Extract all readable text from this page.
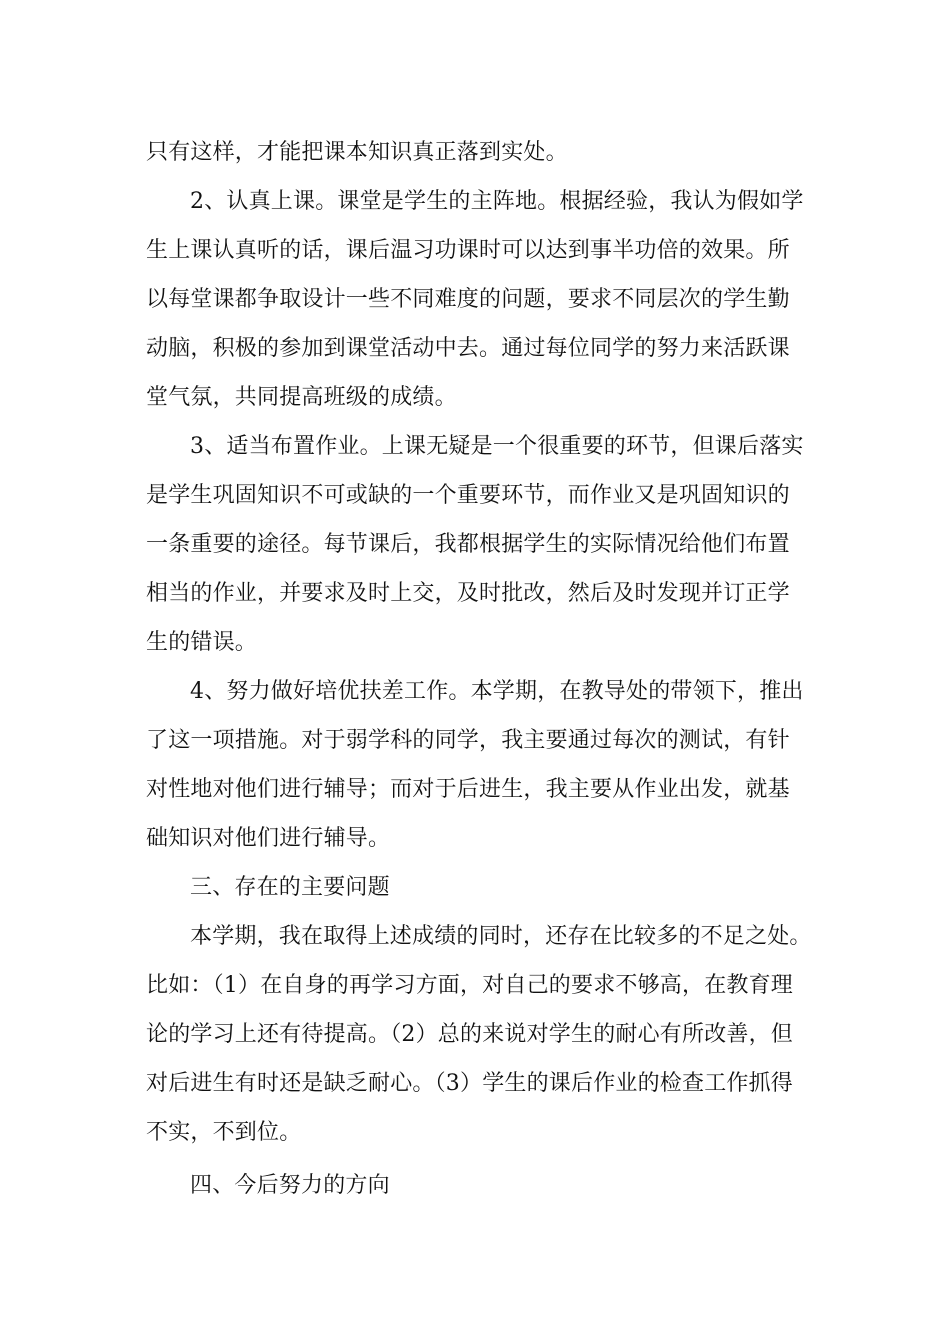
只有这样，才能把课本知识真正落到实处。
2、认真上课。课堂是学生的主阵地。根据经验，我认为假如学
生上课认真听的话，课后温习功课时可以达到事半功倍的效果。所
以每堂课都争取设计一些不同难度的问题，要求不同层次的学生勤
动脑，积极的参加到课堂活动中去。通过每位同学的努力来活跃课
堂气氛，共同提高班级的成绩。
3、适当布置作业。上课无疑是一个很重要的环节，但课后落实
是学生巩固知识不可或缺的一个重要环节，而作业又是巩固知识的
一条重要的途径。每节课后，我都根据学生的实际情况给他们布置
相当的作业，并要求及时上交，及时批改，然后及时发现并订正学
生的错误。
4、努力做好培优扶差工作。本学期，在教导处的带领下，推出
了这一项措施。对于弱学科的同学，我主要通过每次的测试，有针
对性地对他们进行辅导；而对于后进生，我主要从作业出发，就基
础知识对他们进行辅导。
三、存在的主要问题
本学期，我在取得上述成绩的同时，还存在比较多的不足之处。
比如：（1）在自身的再学习方面，对自己的要求不够高，在教育理
论的学习上还有待提高。（2）总的来说对学生的耐心有所改善，但
对后进生有时还是缺乏耐心。（3）学生的课后作业的检查工作抓得
不实，不到位。
四、今后努力的方向
